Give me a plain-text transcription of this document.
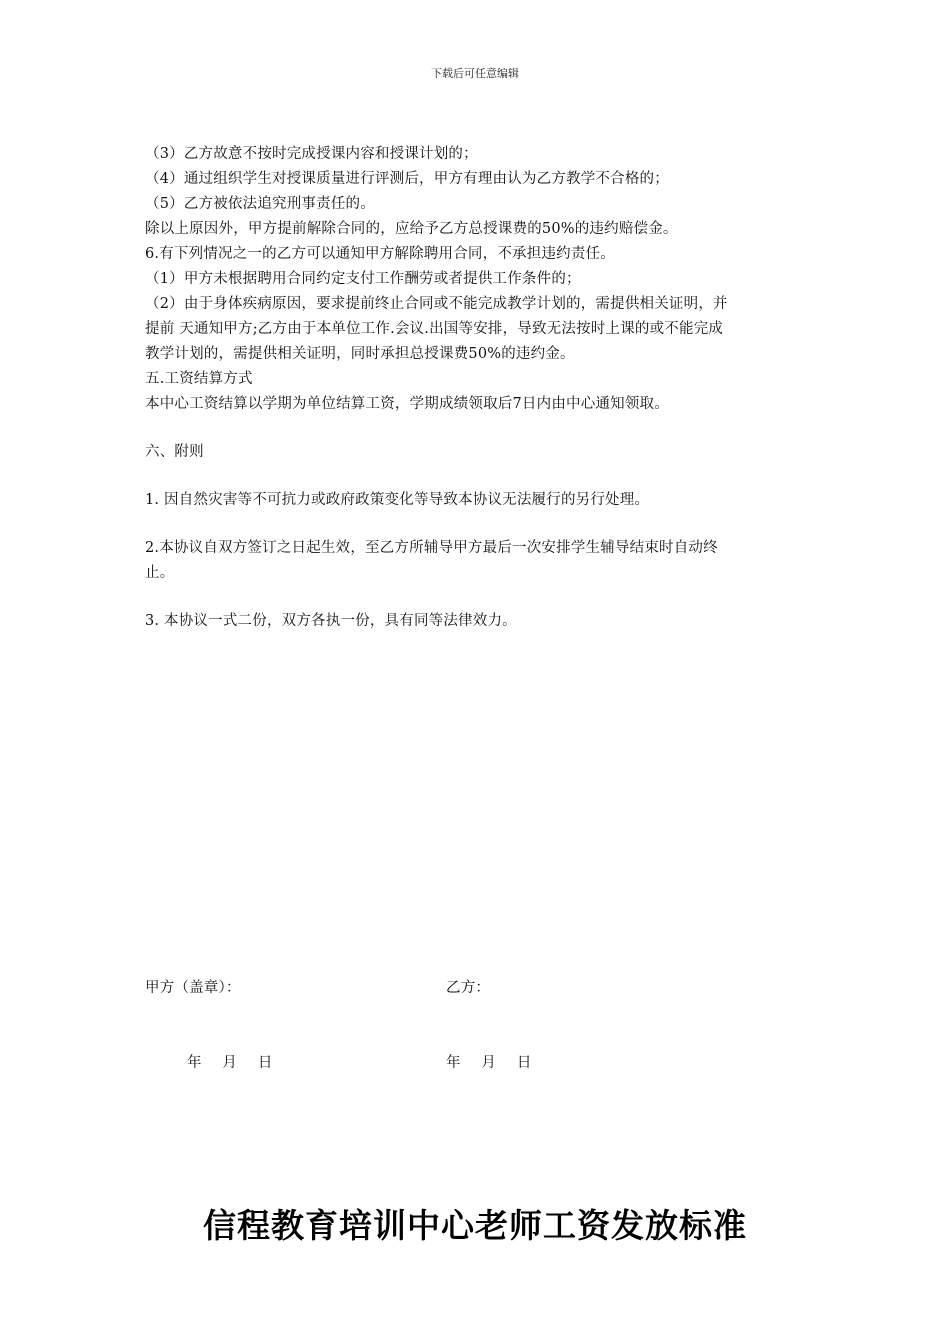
下载后可任意编辑
（3）乙方故意不按时完成授课内容和授课计划的；
（4）通过组织学生对授课质量进行评测后，甲方有理由认为乙方教学不合格的；
（5）乙方被依法追究刑事责任的。
除以上原因外，甲方提前解除合同的，应给予乙方总授课费的50%的违约赔偿金。
6.有下列情况之一的乙方可以通知甲方解除聘用合同，不承担违约责任。
（1）甲方未根据聘用合同约定支付工作酬劳或者提供工作条件的；
（2）由于身体疾病原因，要求提前终止合同或不能完成教学计划的，需提供相关证明，并
提前 天通知甲方;乙方由于本单位工作.会议.出国等安排，导致无法按时上课的或不能完成
教学计划的，需提供相关证明，同时承担总授课费50%的违约金。
五.工资结算方式
本中心工资结算以学期为单位结算工资，学期成绩领取后7日内由中心通知领取。
六、附则
1. 因自然灾害等不可抗力或政府政策变化等导致本协议无法履行的另行处理。
2.本协议自双方签订之日起生效，至乙方所辅导甲方最后一次安排学生辅导结束时自动终
止。
3. 本协议一式二份，双方各执一份，具有同等法律效力。
甲方（盖章）：	乙方：
年    月    日	年    月    日
信程教育培训中心老师工资发放标准
